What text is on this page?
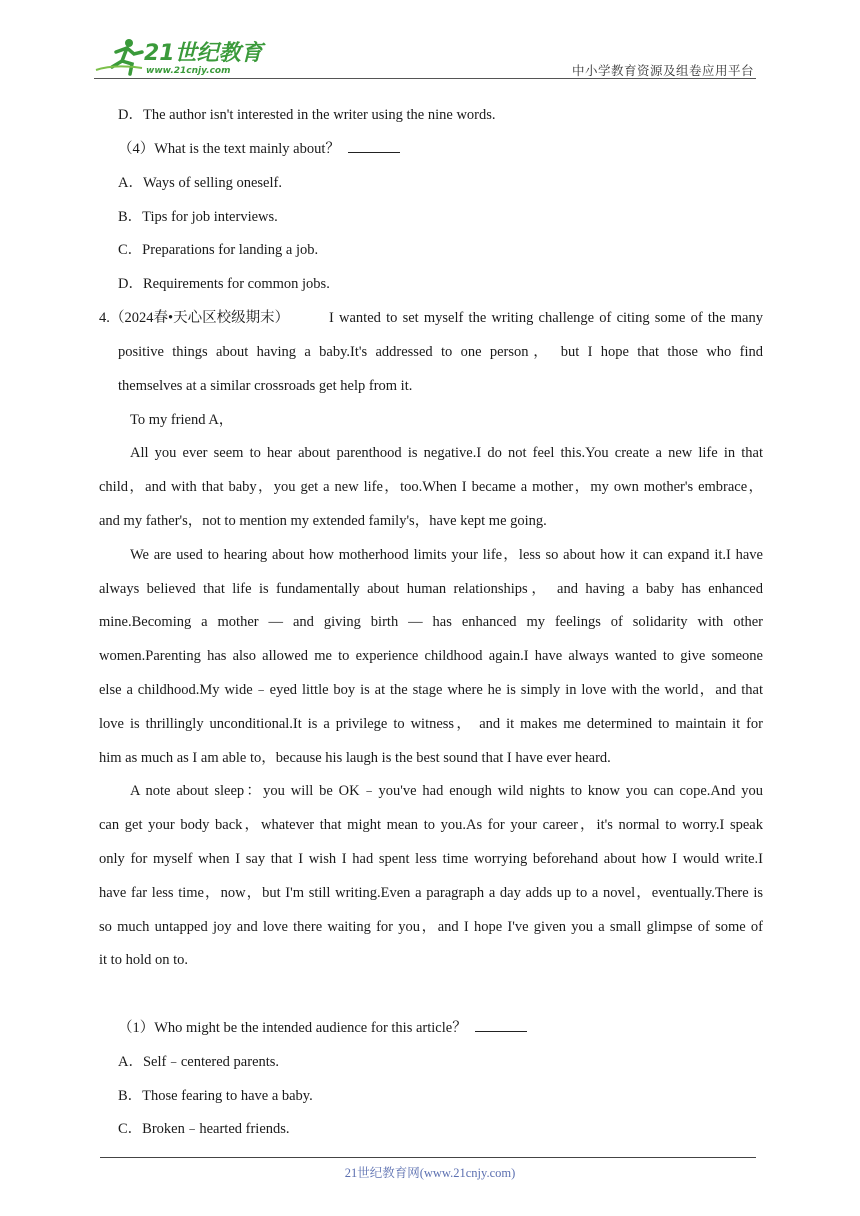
21世纪教育
www.21cnjy.com	中小学教育资源及组卷应用平台
D．The author isn't interested in the writer using the nine words.
（4）What is the text mainly about？
A．Ways of selling oneself.
B．Tips for job interviews.
C．Preparations for landing a job.
D．Requirements for common jobs.
4. （2024春•天心区校级期末）	I wanted to set myself the writing challenge of citing some of the many
positive things about having a baby.It's addressed to one person， but I hope that those who find
themselves at a similar crossroads get help from it.
To my friend A，
All you ever seem to hear about parenthood is negative.I do not feel this.You create a new life in that
child，and with that baby，you get a new life，too.When I became a mother，my own mother's embrace，
and my father's，not to mention my extended family's，have kept me going.
We are used to hearing about how motherhood limits your life，less so about how it can expand it.I have
always believed that life is fundamentally about human relationships， and having a baby has enhanced
mine.Becoming a mother — and giving birth — has enhanced my feelings of solidarity with other
women.Parenting has also allowed me to experience childhood again.I have always wanted to give someone
else a childhood.My wide﹣eyed little boy is at the stage where he is simply in love with the world，and that
love is thrillingly unconditional.It is a privilege to witness， and it makes me determined to maintain it for
him as much as I am able to，because his laugh is the best sound that I have ever heard.
A note about sleep：you will be OK﹣you've had enough wild nights to know you can cope.And you
can get your body back，whatever that might mean to you.As for your career，it's normal to worry.I speak
only for myself when I say that I wish I had spent less time worrying beforehand about how I would write.I
have far less time，now，but I'm still writing.Even a paragraph a day adds up to a novel，eventually.There is
so much untapped joy and love there waiting for you，and I hope I've given you a small glimpse of some of
it to hold on to.
（1）Who might be the intended audience for this article？
A．Self﹣centered parents.
B．Those fearing to have a baby.
C．Broken﹣hearted friends.
21世纪教育网(www.21cnjy.com)
